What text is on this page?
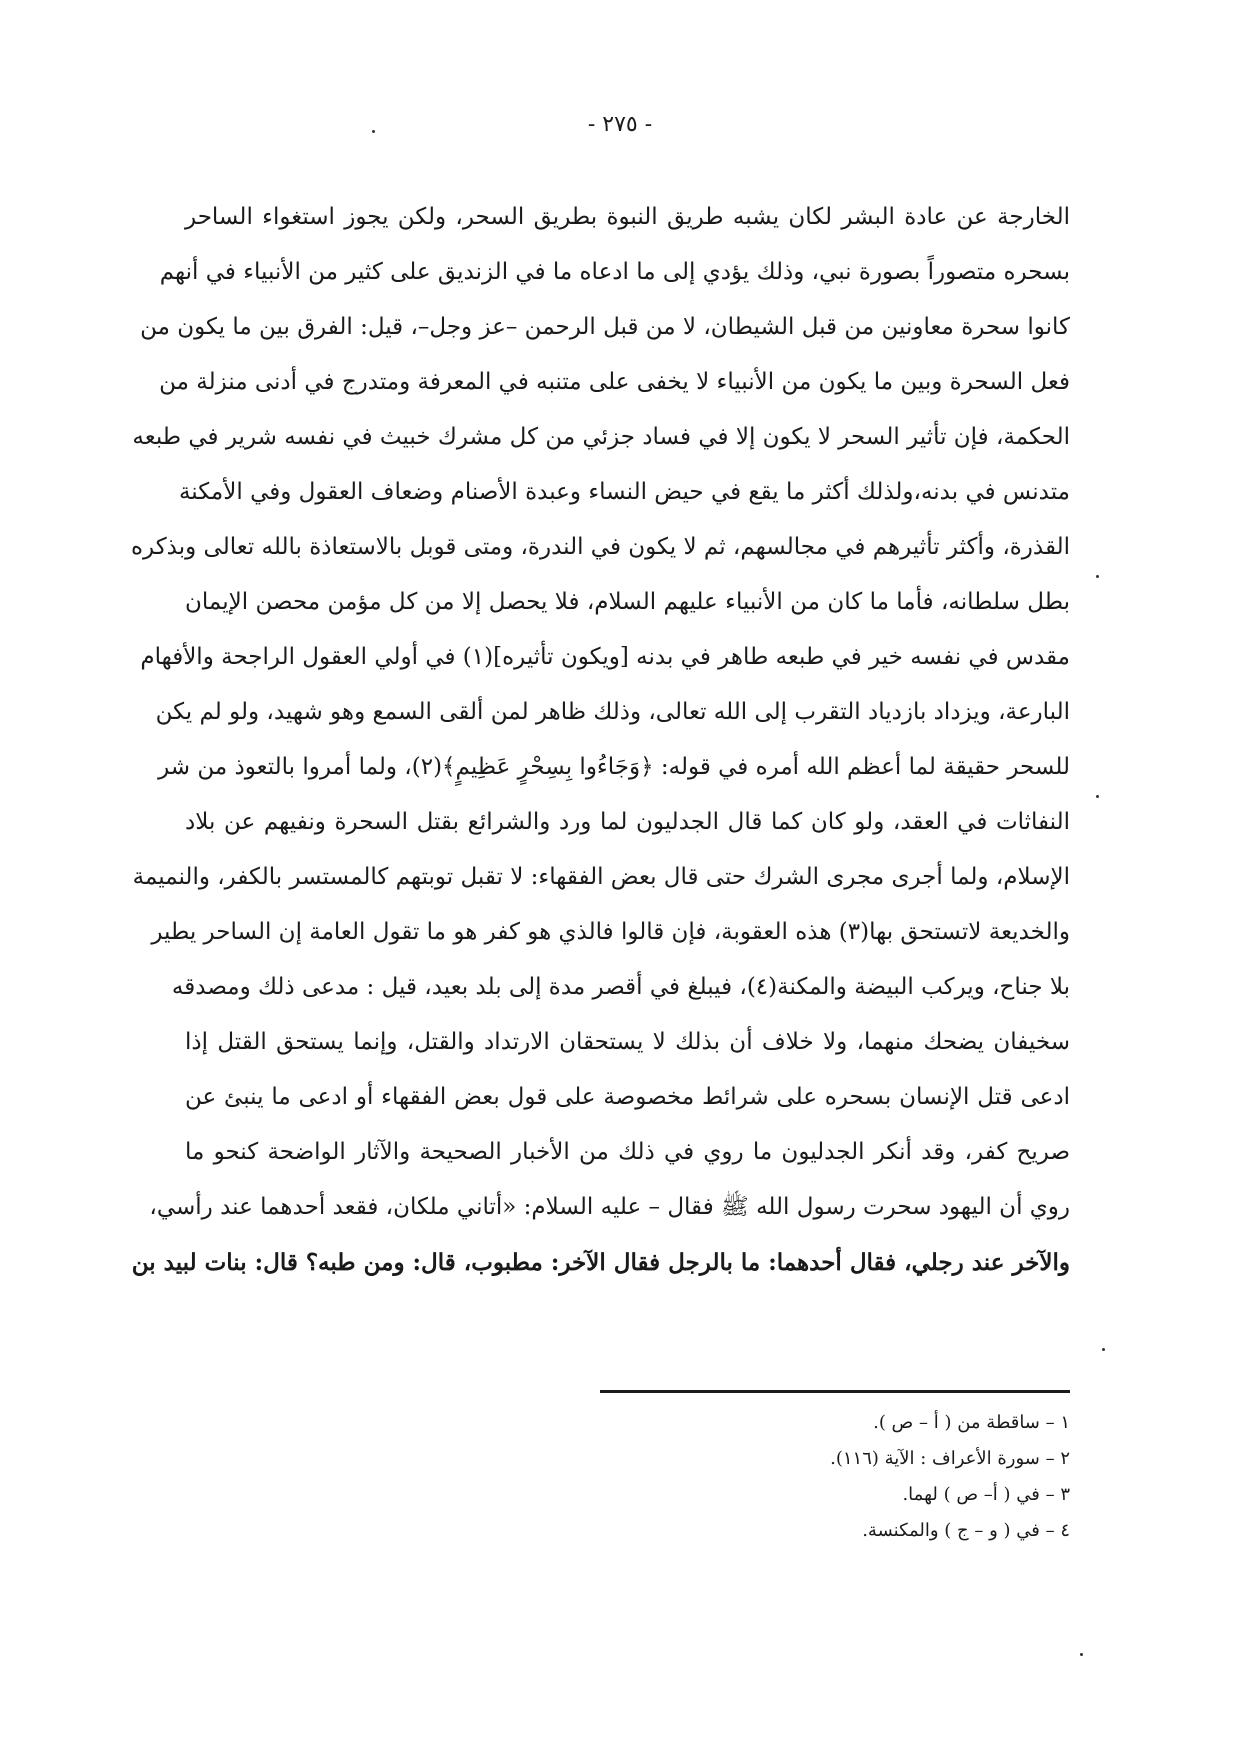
- ٢٧٥ -
الخارجة عن عادة البشر لكان يشبه طريق النبوة بطريق السحر، ولكن يجوز استغواء الساحر
بسحره متصوراً بصورة نبي، وذلك يؤدي إلى ما ادعاه ما في الزنديق على كثير من الأنبياء في أنهم
كانوا سحرة معاونين من قبل الشيطان، لا من قبل الرحمن –عز وجل–، قيل: الفرق بين ما يكون من
فعل السحرة وبين ما يكون من الأنبياء لا يخفى على متنبه في المعرفة ومتدرج في أدنى منزلة من
الحكمة، فإن تأثير السحر لا يكون إلا في فساد جزئي من كل مشرك خبيث في نفسه شرير في طبعه
متدنس في بدنه،ولذلك أكثر ما يقع في حيض النساء وعبدة الأصنام وضعاف العقول وفي الأمكنة
القذرة، وأكثر تأثيرهم في مجالسهم، ثم لا يكون في الندرة، ومتى قوبل بالاستعاذة بالله تعالى وبذكره
بطل سلطانه، فأما ما كان من الأنبياء عليهم السلام، فلا يحصل إلا من كل مؤمن محصن الإيمان
مقدس في نفسه خير في طبعه طاهر في بدنه [ويكون تأثيره](١) في أولي العقول الراجحة والأفهام
البارعة، ويزداد بازدياد التقرب إلى الله تعالى، وذلك ظاهر لمن ألقى السمع وهو شهيد، ولو لم يكن
للسحر حقيقة لما أعظم الله أمره في قوله: ﴿وَجَاءُوا بِسِحْرٍ عَظِيمٍ﴾(٢)، ولما أمروا بالتعوذ من شر
النفاثات في العقد، ولو كان كما قال الجدليون لما ورد والشرائع بقتل السحرة ونفيهم عن بلاد
الإسلام، ولما أجرى مجرى الشرك حتى قال بعض الفقهاء: لا تقبل توبتهم كالمستسر بالكفر، والنميمة
والخديعة لاتستحق بها(٣) هذه العقوبة، فإن قالوا فالذي هو كفر هو ما تقول العامة إن الساحر يطير
بلا جناح، ويركب البيضة والمكنة(٤)، فيبلغ في أقصر مدة إلى بلد بعيد، قيل : مدعى ذلك ومصدقه
سخيفان يضحك منهما، ولا خلاف أن بذلك لا يستحقان الارتداد والقتل، وإنما يستحق القتل إذا
ادعى قتل الإنسان بسحره على شرائط مخصوصة على قول بعض الفقهاء أو ادعى ما ينبئ عن
صريح كفر، وقد أنكر الجدليون ما روي في ذلك من الأخبار الصحيحة والآثار الواضحة كنحو ما
روي أن اليهود سحرت رسول الله ﷺ فقال – عليه السلام: «أتاني ملكان، فقعد أحدهما عند رأسي،
والآخر عند رجلي، فقال أحدهما: ما بالرجل فقال الآخر: مطبوب، قال: ومن طبه؟ قال: بنات لبيد بن
١ – ساقطة من ( أ – ص ).
٢ – سورة الأعراف : الآية (١١٦).
٣ – في ( أ– ص ) لهما.
٤ – في ( و – ج ) والمكنسة.
